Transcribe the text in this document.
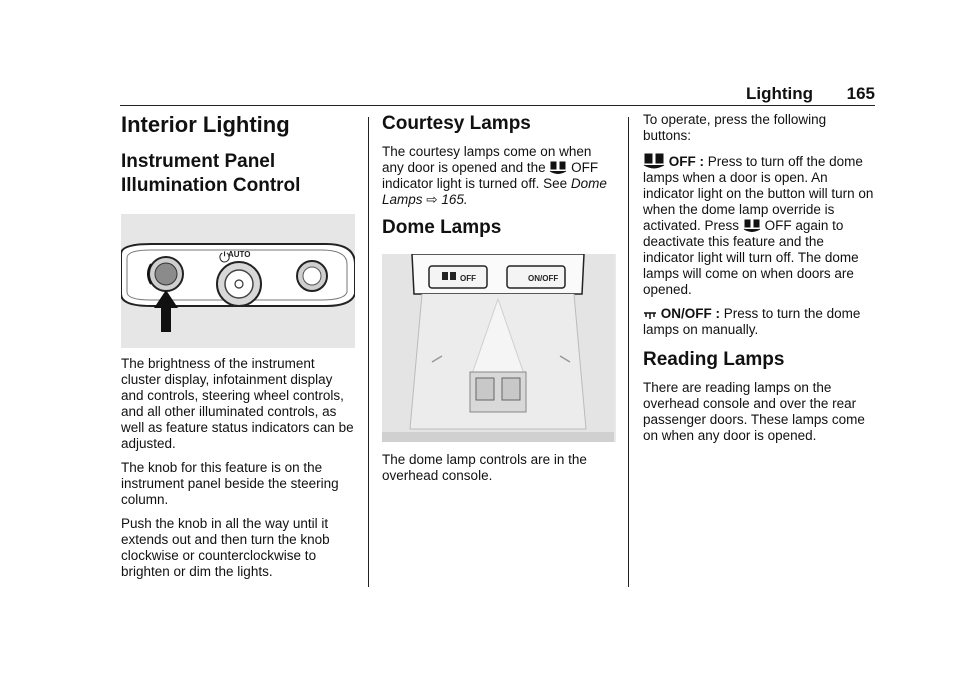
Lighting 165
Interior Lighting
Instrument Panel Illumination Control
⏻
AUTO

The brightness of the instrument cluster display, infotainment display and controls, steering wheel controls, and all other illuminated controls, as well as feature status indicators can be adjusted.

The knob for this feature is on the instrument panel beside the steering column.

Push the knob in all the way until it extends out and then turn the knob clockwise or counterclockwise to brighten or dim the lights.

Courtesy Lamps

The courtesy lamps come on when any door is opened and the OFF indicator light is turned off. See Dome Lamps ⇨ 165.

Dome Lamps
OFF	ON/OFF

The dome lamp controls are in the overhead console.

To operate, press the following buttons:

OFF : Press to turn off the dome lamps when a door is open. An indicator light on the button will turn on when the dome lamp override is activated. Press OFF again to deactivate this feature and the indicator light will turn off. The dome lamps will come on when doors are opened.

ON/OFF : Press to turn the dome lamps on manually.

Reading Lamps

There are reading lamps on the overhead console and over the rear passenger doors. These lamps come on when any door is opened.
